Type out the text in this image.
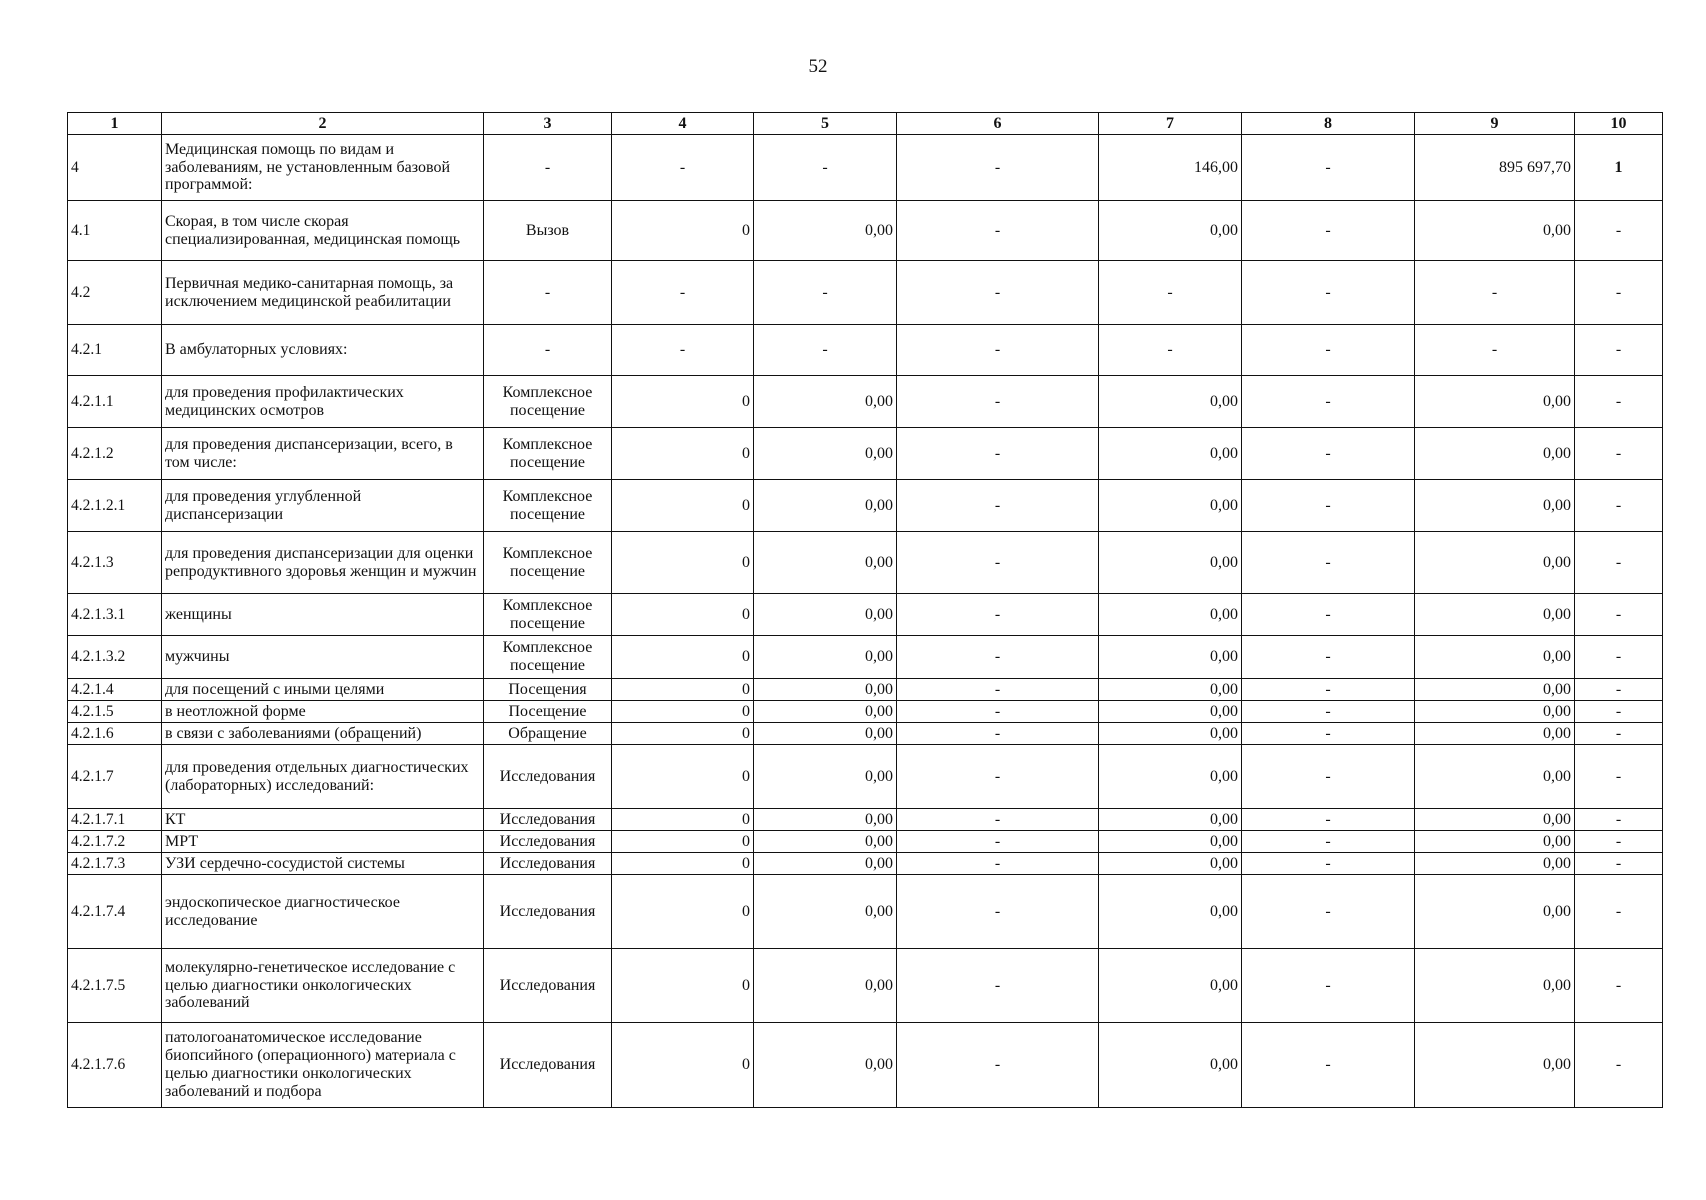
52
1	2	3	4	5	6	7	8	9	10
4	Медицинская помощь по видам и заболеваниям, не установленным базовой программой:	-	-	-	-	146,00	-	895 697,70	1
4.1	Скорая, в том числе скорая специализированная, медицинская помощь	Вызов	0	0,00	-	0,00	-	0,00	-
4.2	Первичная медико-санитарная помощь, за исключением медицинской реабилитации	-	-	-	-	-	-	-	-
4.2.1	В амбулаторных условиях:	-	-	-	-	-	-	-	-
4.2.1.1	для проведения профилактических медицинских осмотров	Комплексное посещение	0	0,00	-	0,00	-	0,00	-
4.2.1.2	для проведения диспансеризации, всего, в том числе:	Комплексное посещение	0	0,00	-	0,00	-	0,00	-
4.2.1.2.1	для проведения углубленной диспансеризации	Комплексное посещение	0	0,00	-	0,00	-	0,00	-
4.2.1.3	для проведения диспансеризации для оценки репродуктивного здоровья женщин и мужчин	Комплексное посещение	0	0,00	-	0,00	-	0,00	-
4.2.1.3.1	женщины	Комплексное посещение	0	0,00	-	0,00	-	0,00	-
4.2.1.3.2	мужчины	Комплексное посещение	0	0,00	-	0,00	-	0,00	-
4.2.1.4	для посещений с иными целями	Посещения	0	0,00	-	0,00	-	0,00	-
4.2.1.5	в неотложной форме	Посещение	0	0,00	-	0,00	-	0,00	-
4.2.1.6	в связи с заболеваниями (обращений)	Обращение	0	0,00	-	0,00	-	0,00	-
4.2.1.7	для проведения отдельных диагностических (лабораторных) исследований:	Исследования	0	0,00	-	0,00	-	0,00	-
4.2.1.7.1	КТ	Исследования	0	0,00	-	0,00	-	0,00	-
4.2.1.7.2	МРТ	Исследования	0	0,00	-	0,00	-	0,00	-
4.2.1.7.3	УЗИ сердечно-сосудистой системы	Исследования	0	0,00	-	0,00	-	0,00	-
4.2.1.7.4	эндоскопическое диагностическое исследование	Исследования	0	0,00	-	0,00	-	0,00	-
4.2.1.7.5	молекулярно-генетическое исследование с целью диагностики онкологических заболеваний	Исследования	0	0,00	-	0,00	-	0,00	-
4.2.1.7.6	патологоанатомическое исследование биопсийного (операционного) материала с целью диагностики онкологических заболеваний и подбора	Исследования	0	0,00	-	0,00	-	0,00	-
